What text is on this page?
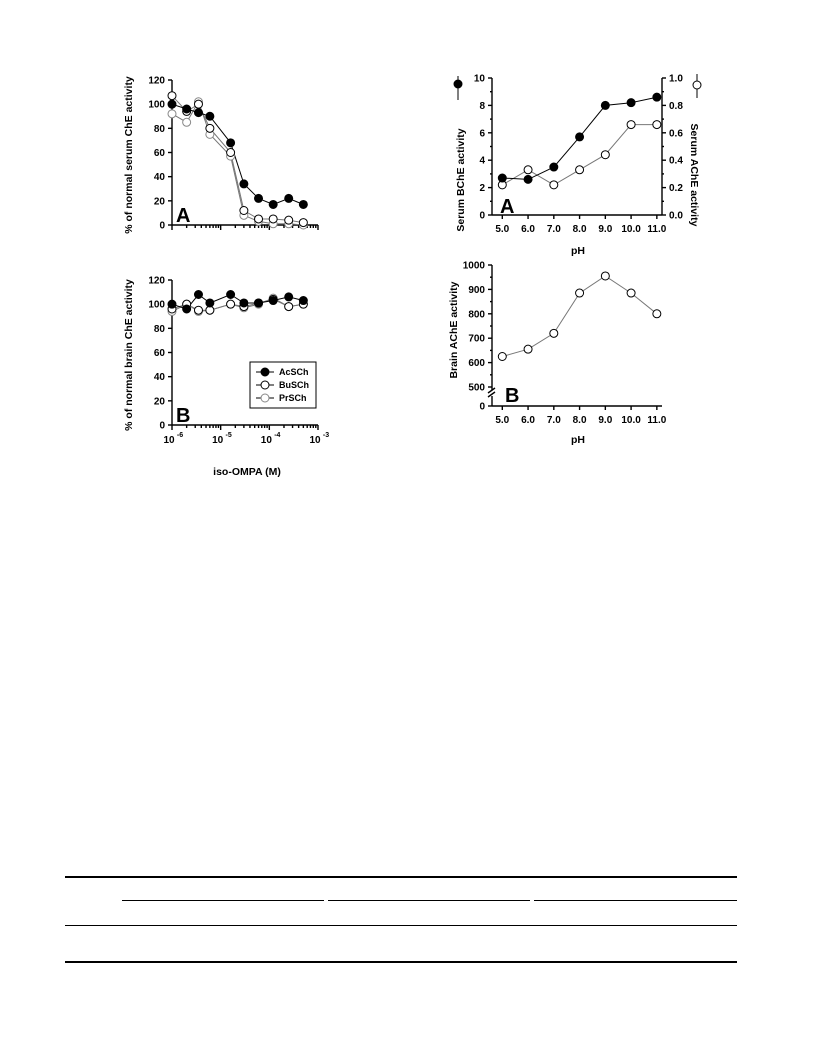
% of normal serum ChE activity A
0
20
40
60
80
100
120
% of normal brain ChE activity
iso-OMPA (M)
B
0
20
40
60
80
100
120
10 -6	10 -5	10 -4	10 -3
AcSCh
BuSCh
PrSCh
Serum BChE activity	Serum AChE activity
pH
A
0
2
4
6
8
10
0.0
0.2
0.4
0.6
0.8
1.0
5.0 6.0 7.0 8.0 9.0 10.0 11.0
Brain AChE activity
pH
B
0
500
600
700
800
900
1000
5.0 6.0 7.0 8.0 9.0 10.0 11.0
